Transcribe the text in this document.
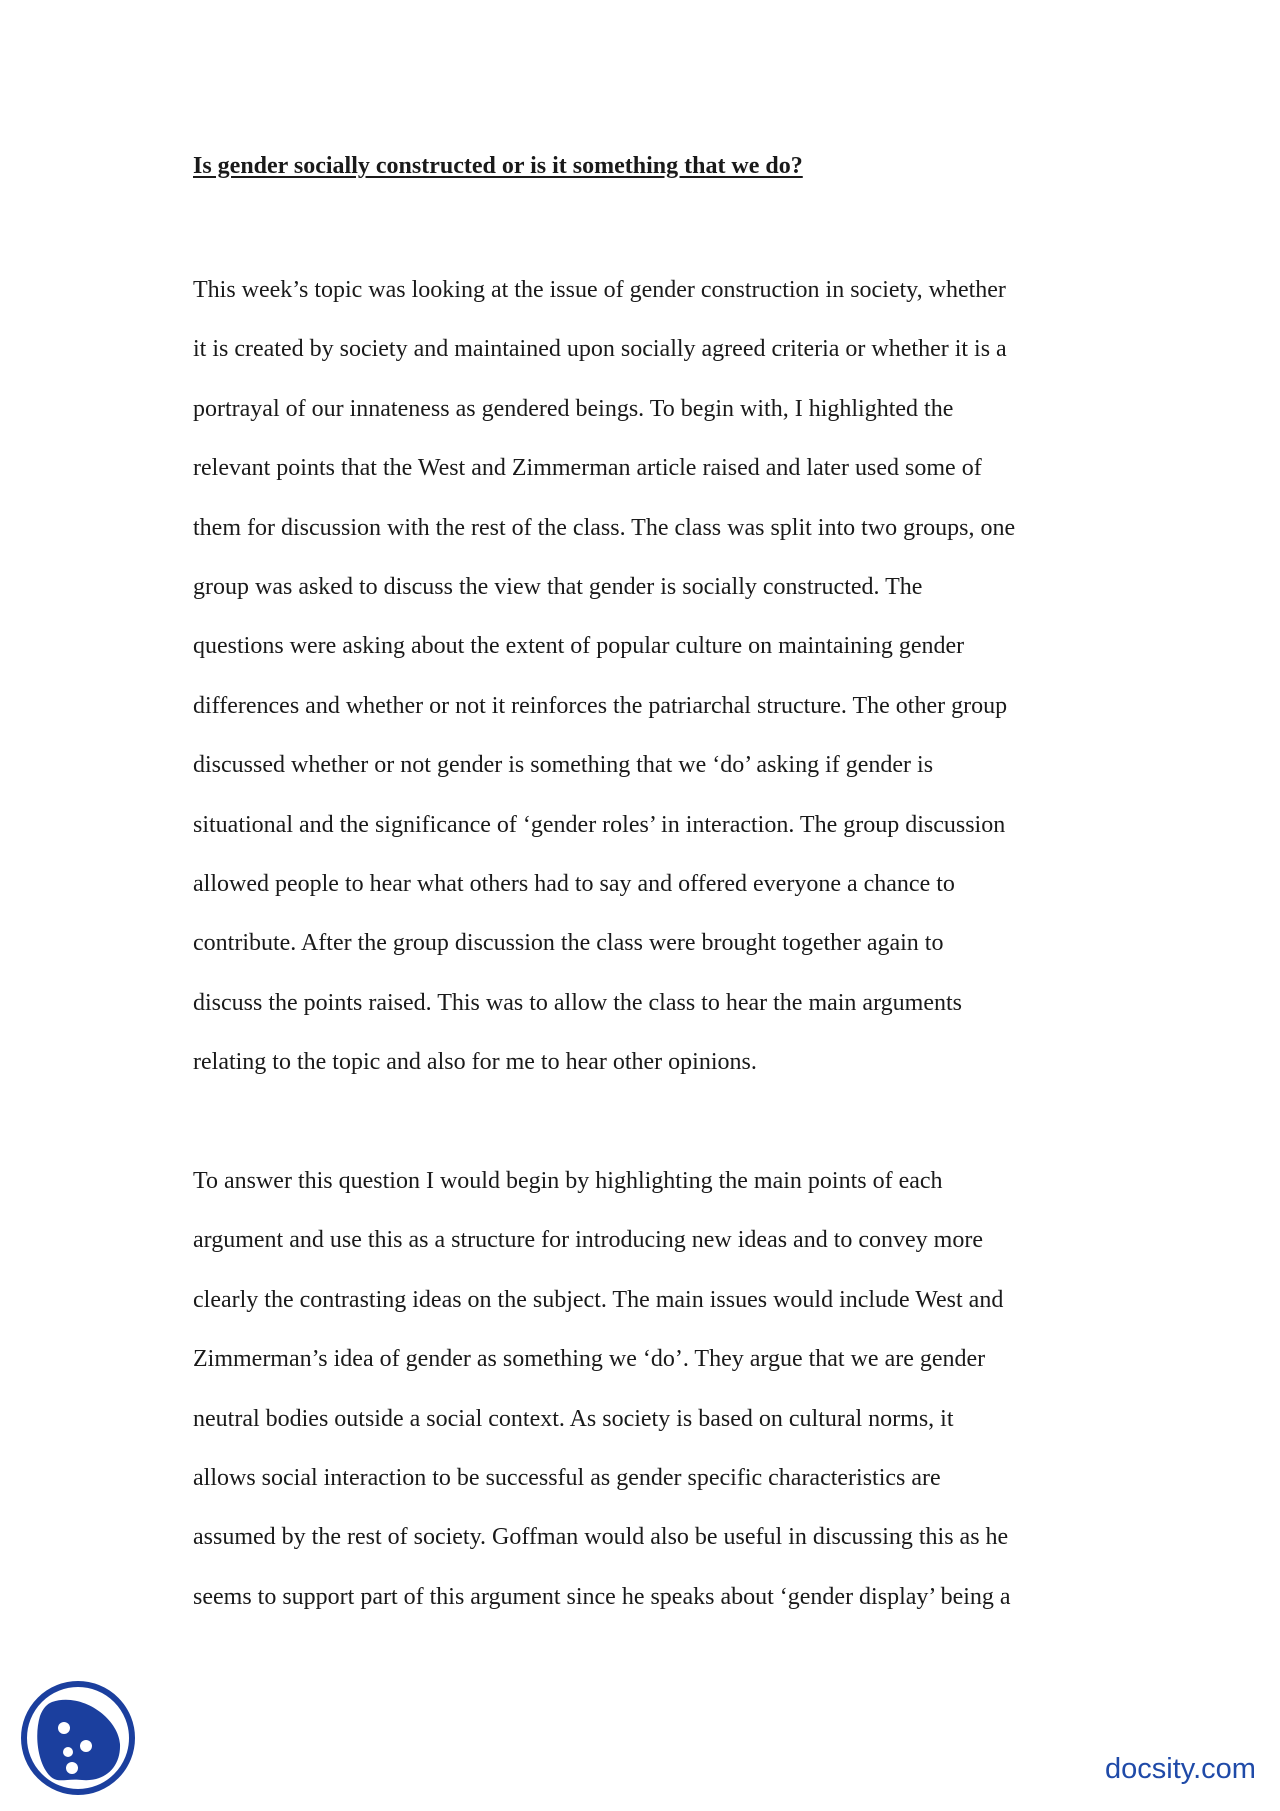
Is gender socially constructed or is it something that we do?
This week’s topic was looking at the issue of gender construction in society, whether
it is created by society and maintained upon socially agreed criteria or whether it is a
portrayal of our innateness as gendered beings. To begin with, I highlighted the
relevant points that the West and Zimmerman article raised and later used some of
them for discussion with the rest of the class. The class was split into two groups, one
group was asked to discuss the view that gender is socially constructed. The
questions were asking about the extent of popular culture on maintaining gender
differences and whether or not it reinforces the patriarchal structure. The other group
discussed whether or not gender is something that we ‘do’ asking if gender is
situational and the significance of ‘gender roles’ in interaction. The group discussion
allowed people to hear what others had to say and offered everyone a chance to
contribute. After the group discussion the class were brought together again to
discuss the points raised. This was to allow the class to hear the main arguments
relating to the topic and also for me to hear other opinions.
To answer this question I would begin by highlighting the main points of each
argument and use this as a structure for introducing new ideas and to convey more
clearly the contrasting ideas on the subject. The main issues would include West and
Zimmerman’s idea of gender as something we ‘do’. They argue that we are gender
neutral bodies outside a social context. As society is based on cultural norms, it
allows social interaction to be successful as gender specific characteristics are
assumed by the rest of society. Goffman would also be useful in discussing this as he
seems to support part of this argument since he speaks about ‘gender display’ being a
docsity.com
